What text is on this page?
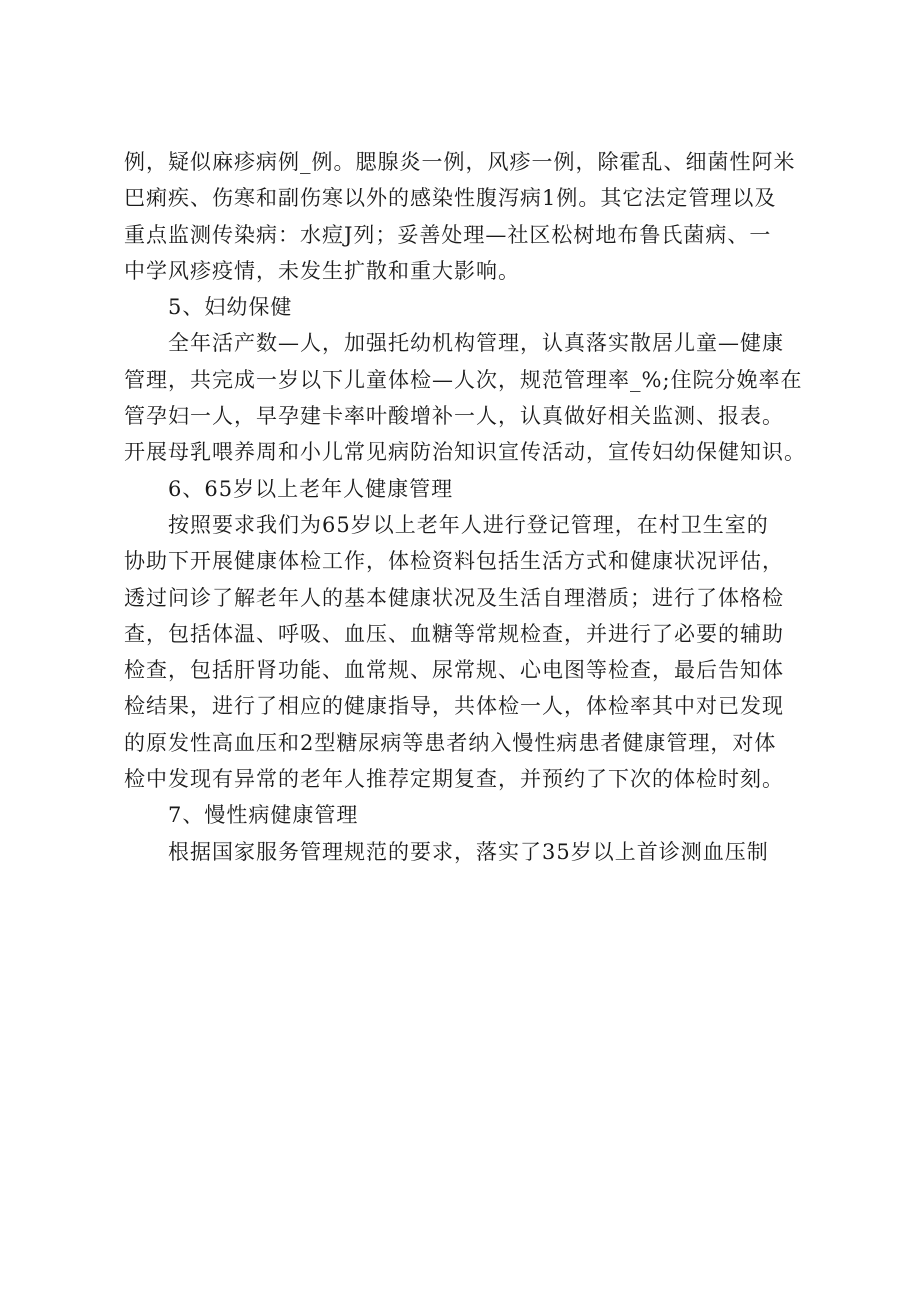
例，疑似麻疹病例_例。腮腺炎一例，风疹一例，除霍乱、细菌性阿米
巴痢疾、伤寒和副伤寒以外的感染性腹泻病1例。其它法定管理以及
重点监测传染病：水痘J列；妥善处理—社区松树地布鲁氏菌病、一
中学风疹疫情，未发生扩散和重大影响。
5、妇幼保健
全年活产数—人，加强托幼机构管理，认真落实散居儿童—健康
管理，共完成一岁以下儿童体检—人次，规范管理率_%;住院分娩率在
管孕妇一人，早孕建卡率叶酸增补一人，认真做好相关监测、报表。
开展母乳喂养周和小儿常见病防治知识宣传活动，宣传妇幼保健知识。
6、65岁以上老年人健康管理
按照要求我们为65岁以上老年人进行登记管理，在村卫生室的
协助下开展健康体检工作，体检资料包括生活方式和健康状况评估，
透过问诊了解老年人的基本健康状况及生活自理潜质；进行了体格检
查，包括体温、呼吸、血压、血糖等常规检查，并进行了必要的辅助
检查，包括肝肾功能、血常规、尿常规、心电图等检查，最后告知体
检结果，进行了相应的健康指导，共体检一人，体检率其中对已发现
的原发性高血压和2型糖尿病等患者纳入慢性病患者健康管理，对体
检中发现有异常的老年人推荐定期复查，并预约了下次的体检时刻。
7、慢性病健康管理
根据国家服务管理规范的要求，落实了35岁以上首诊测血压制
